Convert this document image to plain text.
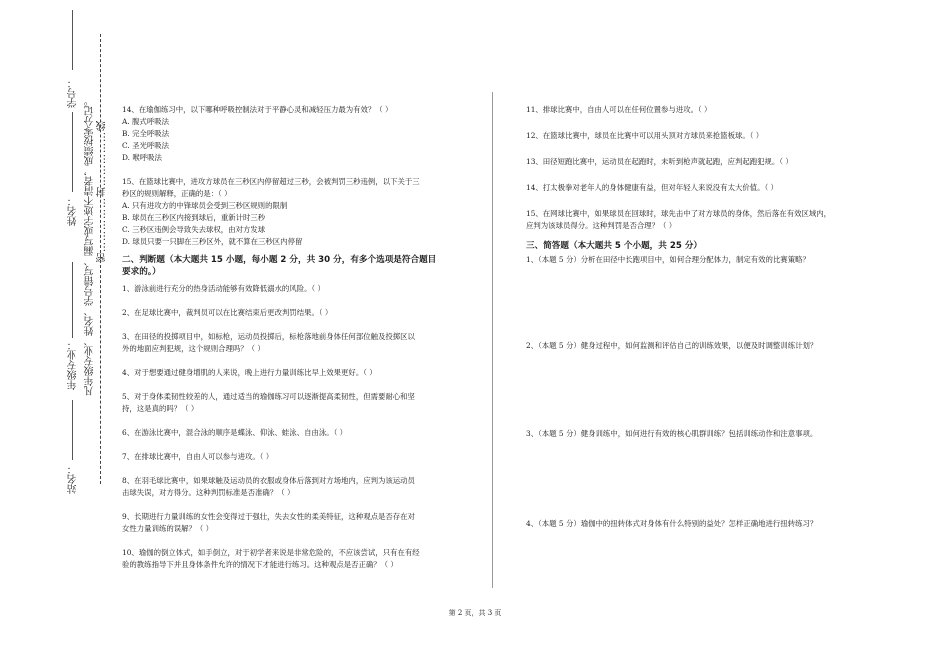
学号：
姓名：
年级专业：
站名：
凡年级专业、姓名、学号错写、漏写或字迹不清者，成绩按零分记。 密……………封……………线

14、在瑜伽练习中，以下哪种呼吸控制法对于平静心灵和减轻压力最为有效？（ ）

A. 腹式呼吸法

B. 完全呼吸法

C. 圣光呼吸法

D. 喉呼吸法

15、在篮球比赛中，进攻方球员在三秒区内停留超过三秒，会被判罚三秒违例，以下关于三

秒区的规则解释，正确的是：（ ）

A. 只有进攻方的中锋球员会受到三秒区规则的限制

B. 球员在三秒区内接到球后，重新计时三秒

C. 三秒区违例会导致失去球权，由对方发球

D. 球员只要一只脚在三秒区外，就不算在三秒区内停留

二、判断题（本大题共 15 小题，每小题 2 分，共 30 分，有多个选项是符合题目
要求的。）

1、游泳前进行充分的热身活动能够有效降低溺水的风险。（ ）

2、在足球比赛中，裁判员可以在比赛结束后更改判罚结果。（ ）

3、在田径的投掷项目中，如标枪，运动员投掷后，标枪落地前身体任何部位触及投掷区以

外的地面应判犯规，这个规则合理吗？（ ）

4、对于想要通过健身增肌的人来说，晚上进行力量训练比早上效果更好。（ ）

5、对于身体柔韧性较差的人，通过适当的瑜伽练习可以逐渐提高柔韧性，但需要耐心和坚

持，这是真的吗？（ ）

6、在游泳比赛中，混合泳的顺序是蝶泳、仰泳、蛙泳、自由泳。（ ）

7、在排球比赛中，自由人可以参与进攻。（ ）

8、在羽毛球比赛中，如果球触及运动员的衣服或身体后落到对方场地内，应判为该运动员

击球失误，对方得分。这种判罚标准是否准确？（ ）

9、长期进行力量训练的女性会变得过于强壮，失去女性的柔美特征，这种观点是否存在对

女性力量训练的误解？（ ）

10、瑜伽的倒立体式，如手倒立，对于初学者来说是非常危险的，不应该尝试，只有在有经

验的教练指导下并且身体条件允许的情况下才能进行练习。这种观点是否正确？（ ）

11、排球比赛中，自由人可以在任何位置参与进攻。（ ）

12、在篮球比赛中，球员在比赛中可以用头顶对方球员来抢篮板球。（ ）

13、田径短跑比赛中，运动员在起跑时，未听到枪声就起跑，应判起跑犯规。（ ）

14、打太极拳对老年人的身体健康有益，但对年轻人来说没有太大价值。（ ）

15、在网球比赛中，如果球员在回球时，球先击中了对方球员的身体，然后落在有效区域内，

应判为该球员得分。这种判罚是否合理？（ ）

三、简答题（本大题共 5 个小题，共 25 分）

1、（本题 5 分）分析在田径中长跑项目中，如何合理分配体力，制定有效的比赛策略？

2、（本题 5 分）健身过程中，如何监测和评估自己的训练效果，以便及时调整训练计划？

3、（本题 5 分）健身训练中，如何进行有效的核心肌群训练？包括训练动作和注意事项。

4、（本题 5 分）瑜伽中的扭转体式对身体有什么特别的益处？怎样正确地进行扭转练习？

第 2 页，共 3 页
